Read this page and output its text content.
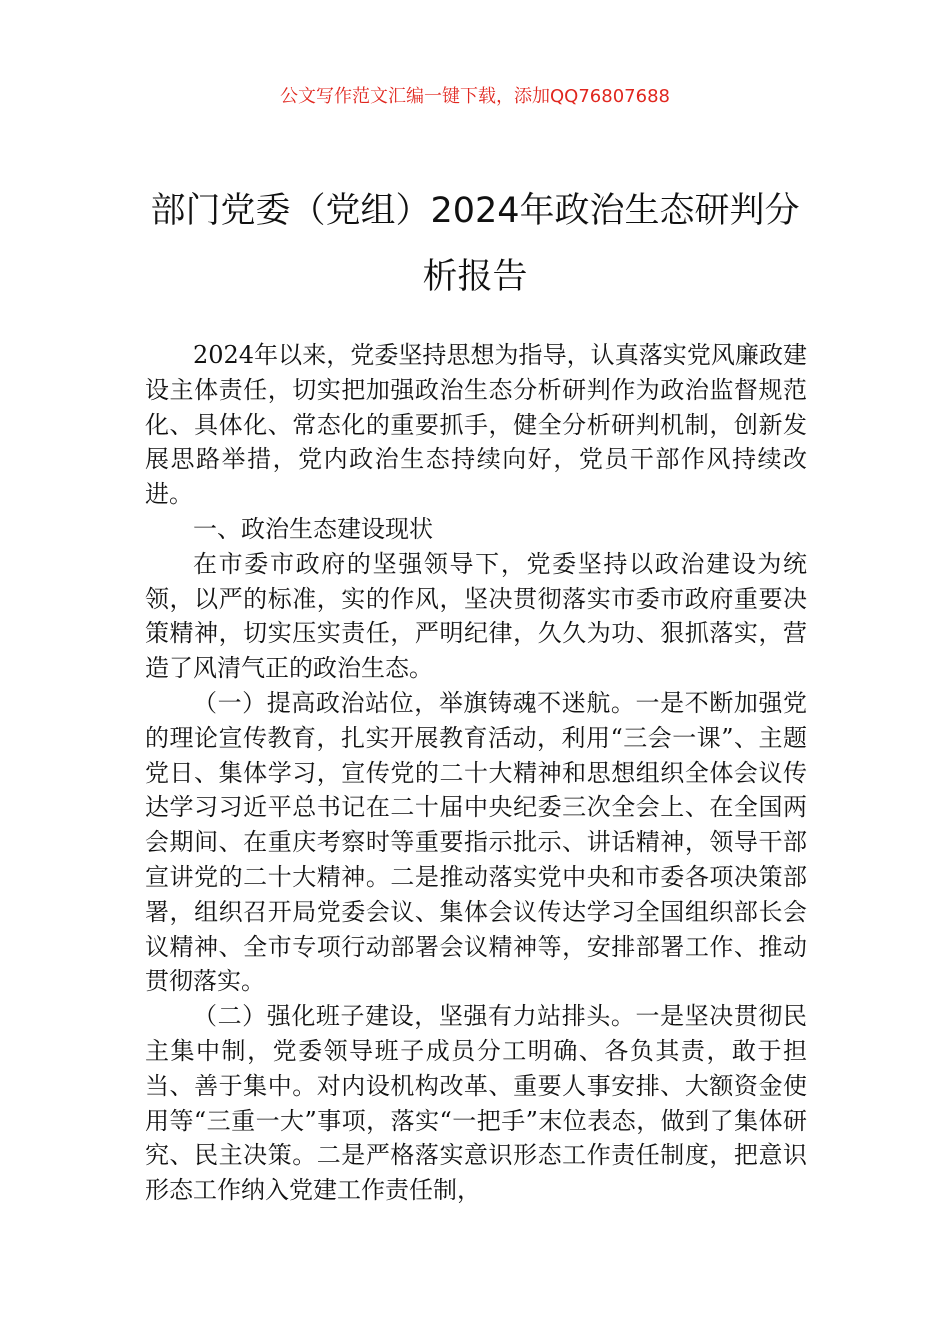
公文写作范文汇编一键下载，添加QQ76807688
部门党委（党组）2024年政治生态研判分析报告

2024年以来，党委坚持思想为指导，认真落实党风廉政建设主体责任，切实把加强政治生态分析研判作为政治监督规范化、具体化、常态化的重要抓手，健全分析研判机制，创新发展思路举措，党内政治生态持续向好，党员干部作风持续改进。

一、政治生态建设现状

在市委市政府的坚强领导下，党委坚持以政治建设为统领，以严的标准，实的作风，坚决贯彻落实市委市政府重要决策精神，切实压实责任，严明纪律，久久为功、狠抓落实，营造了风清气正的政治生态。

（一）提高政治站位，举旗铸魂不迷航。一是不断加强党的理论宣传教育，扎实开展教育活动，利用“三会一课”、主题党日、集体学习，宣传党的二十大精神和思想组织全体会议传达学习习近平总书记在二十届中央纪委三次全会上、在全国两会期间、在重庆考察时等重要指示批示、讲话精神，领导干部宣讲党的二十大精神。二是推动落实党中央和市委各项决策部署，组织召开局党委会议、集体会议传达学习全国组织部长会议精神、全市专项行动部署会议精神等，安排部署工作、推动贯彻落实。

（二）强化班子建设，坚强有力站排头。一是坚决贯彻民主集中制，党委领导班子成员分工明确、各负其责，敢于担当、善于集中。对内设机构改革、重要人事安排、大额资金使用等“三重一大”事项，落实“一把手”末位表态，做到了集体研究、民主决策。二是严格落实意识形态工作责任制度，把意识形态工作纳入党建工作责任制，
